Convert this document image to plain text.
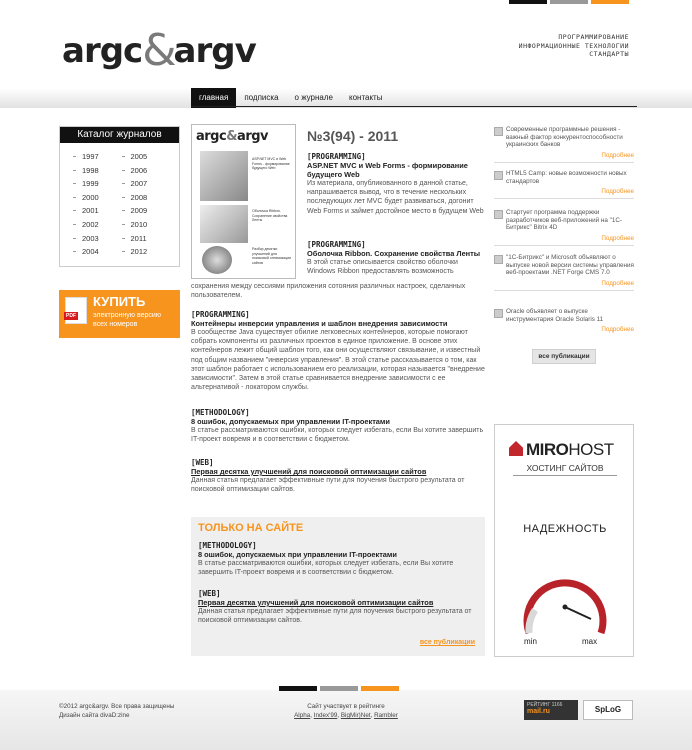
argc&argv	ПРОГРАММИРОВАНИЕ
ИНФОРМАЦИОННЫЕ ТЕХНОЛОГИИ
СТАНДАРТЫ
главная	подписка	о журнале	контакты
Каталог журналов
1997	2005
1998	2006
1999	2007
2000	2008
2001	2009
2002	2010
2003	2011
2004	2012
PDF
КУПИТЬ
электронную версию
всех номеров
argc&argv
ASP.NET MVC и Web Forms - формирование будущего Web
Оболочка Ribbon. Сохранение свойства Ленты
Разбор десятки улучшений для поисковой оптимизации сайтов
№3(94) - 2011
[PROGRAMMING]
ASP.NET MVC и Web Forms - формирование будущего Web
Из материала, опубликованного в данной статье, напрашивается вывод, что в течение нескольких последующих лет MVC будет развиваться, догонит Web Forms и займет достойное место в будущем Web
[PROGRAMMING]
Оболочка Ribbon. Сохранение свойства Ленты
В этой статье описывается свойство оболочки Windows Ribbon предоставлять возможность
сохранения между сессиями приложения сотояния различных настроек, сделанных пользователем.
[PROGRAMMING]
Контейнеры инверсии управления и шаблон внедрения зависимости
В сообществе Java существует обилие легковесных контейнеров, которые помогают собрать компоненты из различных проектов в единое приложение. В основе этих контейнеров лежит общий шаблон того, как они осуществляют связывание, и известный под общим названием "инверсия управления". В этой статье рассказывается о том, как этот шаблон работает с использованием его реализации, которая называется "внедрение зависимости". Затем в этой статье сравнивается внедрение зависимости с ее альтернативой - локатором службы.
[METHODOLOGY]
8 ошибок, допускаемых при управлении IT-проектами
В статье рассматриваются ошибки, которых следует избегать, если Вы хотите завершить IT-проект вовремя и в соответствии с бюджетом.
[WEB]
Первая десятка улучшений для поисковой оптимизации сайтов
Данная статья предлагает эффективные пути для поучения быстрого результата от поисковой оптимизации сайтов.
ТОЛЬКО НА САЙТЕ
[METHODOLOGY]
8 ошибок, допускаемых при управлении IT-проектами
В статье рассматриваются ошибки, которых следует избегать, если Вы хотите завершить IT-проект вовремя и в соответствии с бюджетом.
[WEB]
Первая десятка улучшений для поисковой оптимизации сайтов
Данная статья предлагает эффективные пути для поучения быстрого результата от поисковой оптимизации сайтов.
все публикации
Современные программные решения - важный фактор конкурентоспособности украинских банков
Подробнее
HTML5 Camp: новые возможности новых стандартов
Подробнее
Стартует программа поддержки разработчиков веб-приложений на "1С-Битрикс" Bitrix 4D
Подробнее
"1С-Битрикс" и Microsoft объявляют о выпуске новой версии системы управления веб-проектами .NET Forge CMS 7.0
Подробнее
Oracle объявляет о выпуске инструментария Oracle Solaris 11
Подробнее
все публикации
MIROHOST
ХОСТИНГ САЙТОВ
НАДЕЖНОСТЬ
min	max
©2012 argc&argv. Все права защищены
Дизайн сайта divaD:zine
Сайт участвует в рейтинге
Alpha, Index'99, BigMir)Net, Rambler
РЕЙТИНГ 1166
mail.ru	SpLoG
